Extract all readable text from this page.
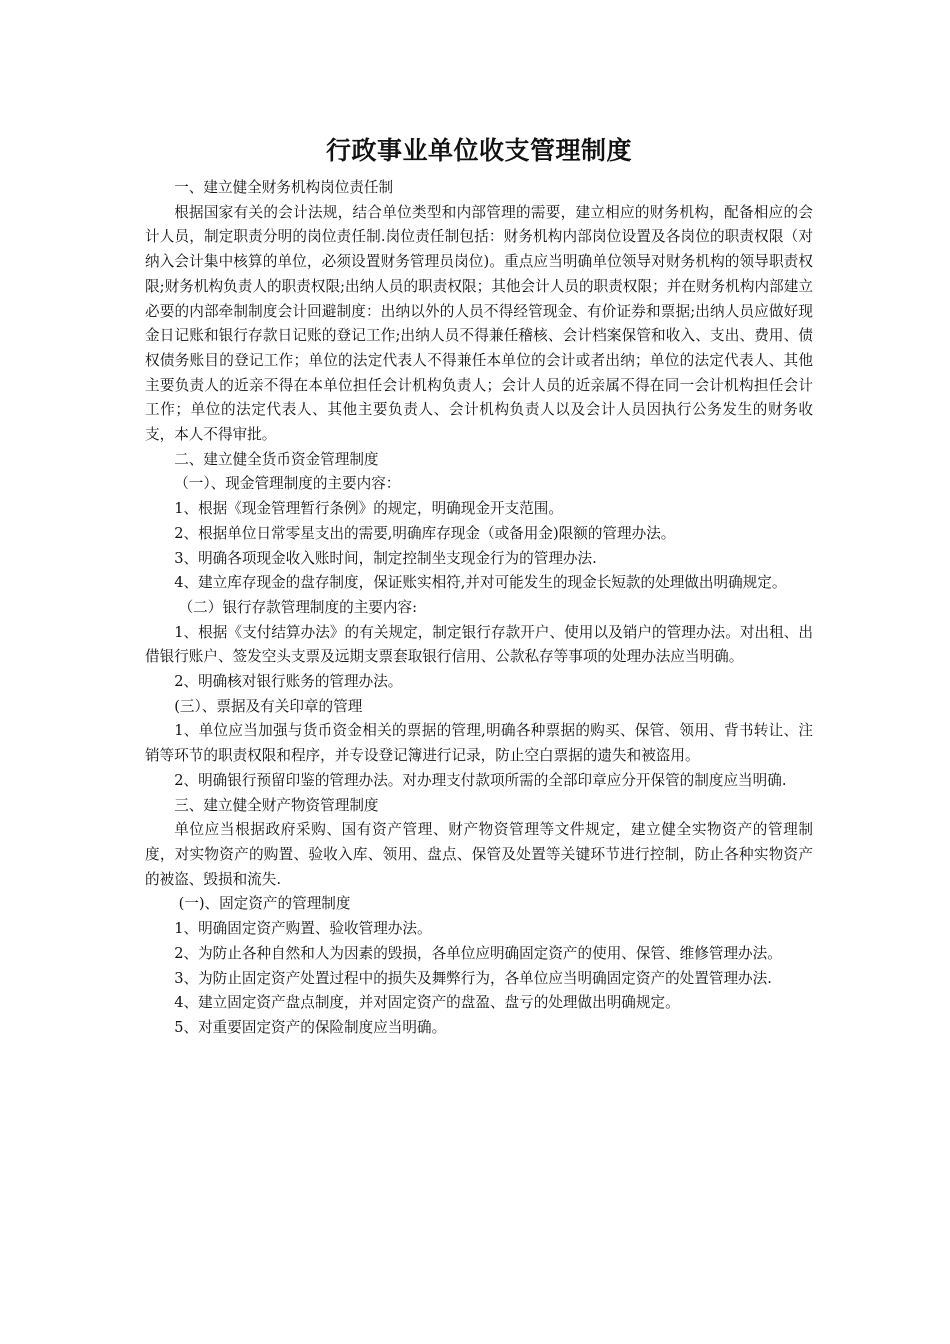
行政事业单位收支管理制度

一、建立健全财务机构岗位责任制

根据国家有关的会计法规，结合单位类型和内部管理的需要，建立相应的财务机构，配备相应的会计人员，制定职责分明的岗位责任制.岗位责任制包括：财务机构内部岗位设置及各岗位的职责权限（对纳入会计集中核算的单位，必须设置财务管理员岗位)。重点应当明确单位领导对财务机构的领导职责权限;财务机构负责人的职责权限;出纳人员的职责权限；其他会计人员的职责权限；并在财务机构内部建立必要的内部牵制制度会计回避制度：出纳以外的人员不得经管现金、有价证券和票据;出纳人员应做好现金日记账和银行存款日记账的登记工作;出纳人员不得兼任稽核、会计档案保管和收入、支出、费用、债权债务账目的登记工作；单位的法定代表人不得兼任本单位的会计或者出纳；单位的法定代表人、其他主要负责人的近亲不得在本单位担任会计机构负责人；会计人员的近亲属不得在同一会计机构担任会计工作；单位的法定代表人、其他主要负责人、会计机构负责人以及会计人员因执行公务发生的财务收支，本人不得审批。

二、建立健全货币资金管理制度

（一）、现金管理制度的主要内容：

1、根据《现金管理暂行条例》的规定，明确现金开支范围。

2、根据单位日常零星支出的需要,明确库存现金（或备用金)限额的管理办法。

3、明确各项现金收入账时间，制定控制坐支现金行为的管理办法.

4、建立库存现金的盘存制度，保证账实相符,并对可能发生的现金长短款的处理做出明确规定。

（二）银行存款管理制度的主要内容:

1、根据《支付结算办法》的有关规定，制定银行存款开户、使用以及销户的管理办法。对出租、出借银行账户、签发空头支票及远期支票套取银行信用、公款私存等事项的处理办法应当明确。

2、明确核对银行账务的管理办法。

(三）、票据及有关印章的管理

1、单位应当加强与货币资金相关的票据的管理,明确各种票据的购买、保管、领用、背书转让、注销等环节的职责权限和程序，并专设登记簿进行记录，防止空白票据的遗失和被盗用。

2、明确银行预留印鉴的管理办法。对办理支付款项所需的全部印章应分开保管的制度应当明确.

三、建立健全财产物资管理制度

单位应当根据政府采购、国有资产管理、财产物资管理等文件规定，建立健全实物资产的管理制度，对实物资产的购置、验收入库、领用、盘点、保管及处置等关键环节进行控制，防止各种实物资产的被盗、毁损和流失.

(一)、固定资产的管理制度

1、明确固定资产购置、验收管理办法。

2、为防止各种自然和人为因素的毁损，各单位应明确固定资产的使用、保管、维修管理办法。

3、为防止固定资产处置过程中的损失及舞弊行为，各单位应当明确固定资产的处置管理办法.

4、建立固定资产盘点制度，并对固定资产的盘盈、盘亏的处理做出明确规定。

5、对重要固定资产的保险制度应当明确。
